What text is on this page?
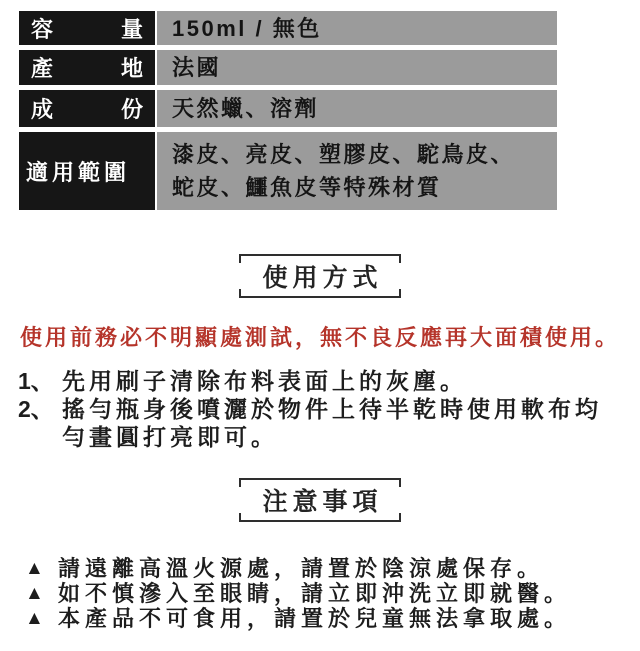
容	量 150ml / 無色
產	地 法國
成	份 天然蠟、溶劑
適用範圍
漆皮、亮皮、塑膠皮、駝鳥皮、
蛇皮、鱷魚皮等特殊材質
使用方式
使用前務必不明顯處測試，無不良反應再大面積使用。
1、 先用刷子清除布料表面上的灰塵。
2、 搖勻瓶身後噴灑於物件上待半乾時使用軟布均
勻畫圓打亮即可。
注意事項
▲ 請遠離高溫火源處，請置於陰涼處保存。
▲ 如不慎滲入至眼睛，請立即沖洗立即就醫。
▲ 本產品不可食用，請置於兒童無法拿取處。
